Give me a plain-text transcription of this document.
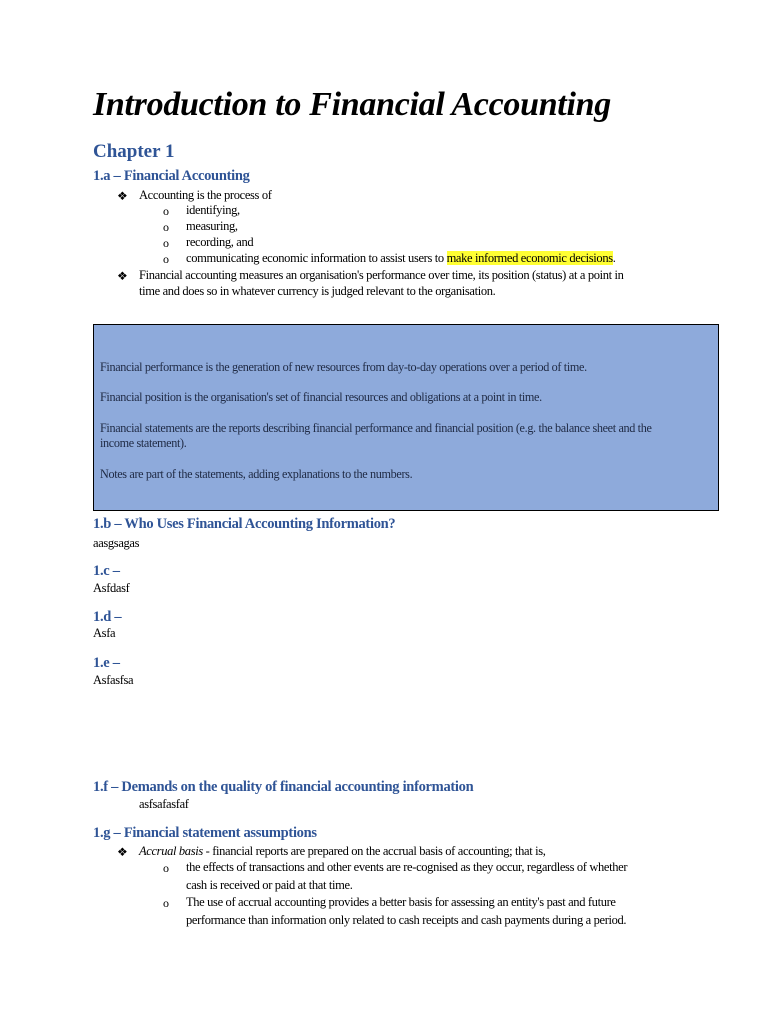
Introduction to Financial Accounting
Chapter 1
1.a – Financial Accounting
❖ Accounting is the process of

o identifying,

o measuring,

o recording, and

o communicating economic information to assist users to make informed economic decisions.

❖ Financial accounting measures an organisation's performance over time, its position (status) at a point in

time and does so in whatever currency is judged relevant to the organisation.

Financial performance is the generation of new resources from day-to-day operations over a period of time.

Financial position is the organisation's set of financial resources and obligations at a point in time.

Financial statements are the reports describing financial performance and financial position (e.g. the balance sheet and the

income statement).

Notes are part of the statements, adding explanations to the numbers.

1.b – Who Uses Financial Accounting Information?

aasgsagas

1.c –

Asfdasf

1.d –

Asfa

1.e –

Asfasfsa

1.f – Demands on the quality of financial accounting information

asfsafasfaf

1.g – Financial statement assumptions
❖ Accrual basis - financial reports are prepared on the accrual basis of accounting; that is,

o the effects of transactions and other events are re-cognised as they occur, regardless of whether

cash is received or paid at that time.

o The use of accrual accounting provides a better basis for assessing an entity's past and future

performance than information only related to cash receipts and cash payments during a period.
